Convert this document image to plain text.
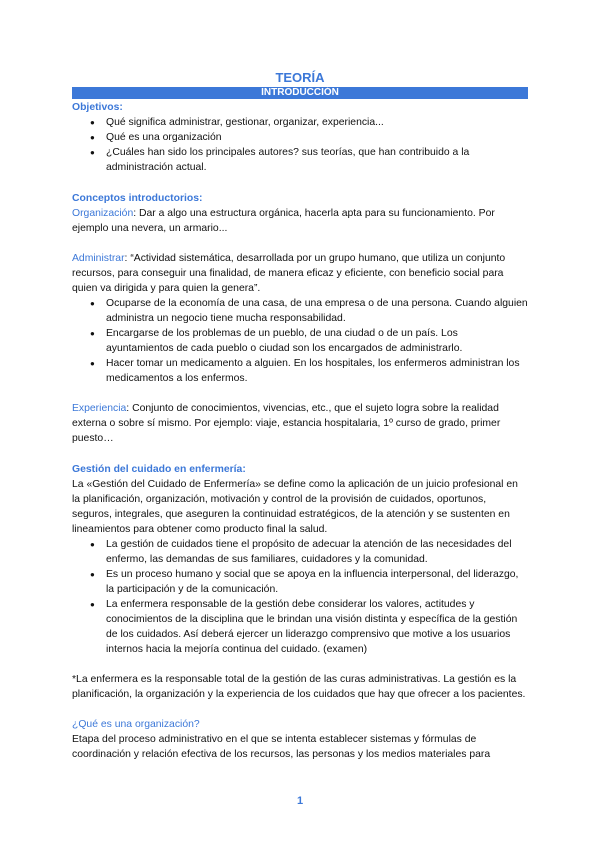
TEORÍA
INTRODUCCIÓN

Objetivos:

● Qué significa administrar, gestionar, organizar, experiencia...
● Qué es una organización
● ¿Cuáles han sido los principales autores? sus teorías, que han contribuido a la administración actual.

Conceptos introductorios:

Organización: Dar a algo una estructura orgánica, hacerla apta para su funcionamiento. Por ejemplo una nevera, un armario...

Administrar: “Actividad sistemática, desarrollada por un grupo humano, que utiliza un conjunto recursos, para conseguir una finalidad, de manera eficaz y eficiente, con beneficio social para quien va dirigida y para quien la genera”.

● Ocuparse de la economía de una casa, de una empresa o de una persona. Cuando alguien administra un negocio tiene mucha responsabilidad.
● Encargarse de los problemas de un pueblo, de una ciudad o de un país. Los ayuntamientos de cada pueblo o ciudad son los encargados de administrarlo.
● Hacer tomar un medicamento a alguien. En los hospitales, los enfermeros administran los medicamentos a los enfermos.

Experiencia: Conjunto de conocimientos, vivencias, etc., que el sujeto logra sobre la realidad externa o sobre sí mismo. Por ejemplo: viaje, estancia hospitalaria, 1º curso de grado, primer puesto…

Gestión del cuidado en enfermería:

La «Gestión del Cuidado de Enfermería» se define como la aplicación de un juicio profesional en la planificación, organización, motivación y control de la provisión de cuidados, oportunos, seguros, integrales, que aseguren la continuidad estratégicos, de la atención y se sustenten en lineamientos para obtener como producto final la salud.

● La gestión de cuidados tiene el propósito de adecuar la atención de las necesidades del enfermo, las demandas de sus familiares, cuidadores y la comunidad.
● Es un proceso humano y social que se apoya en la influencia interpersonal, del liderazgo, la participación y de la comunicación.
● La enfermera responsable de la gestión debe considerar los valores, actitudes y conocimientos de la disciplina que le brindan una visión distinta y específica de la gestión de los cuidados. Así deberá ejercer un liderazgo comprensivo que motive a los usuarios internos hacia la mejoría continua del cuidado. (examen)

*La enfermera es la responsable total de la gestión de las curas administrativas. La gestión es la planificación, la organización y la experiencia de los cuidados que hay que ofrecer a los pacientes.

¿Qué es una organización?

Etapa del proceso administrativo en el que se intenta establecer sistemas y fórmulas de coordinación y relación efectiva de los recursos, las personas y los medios materiales para

1
